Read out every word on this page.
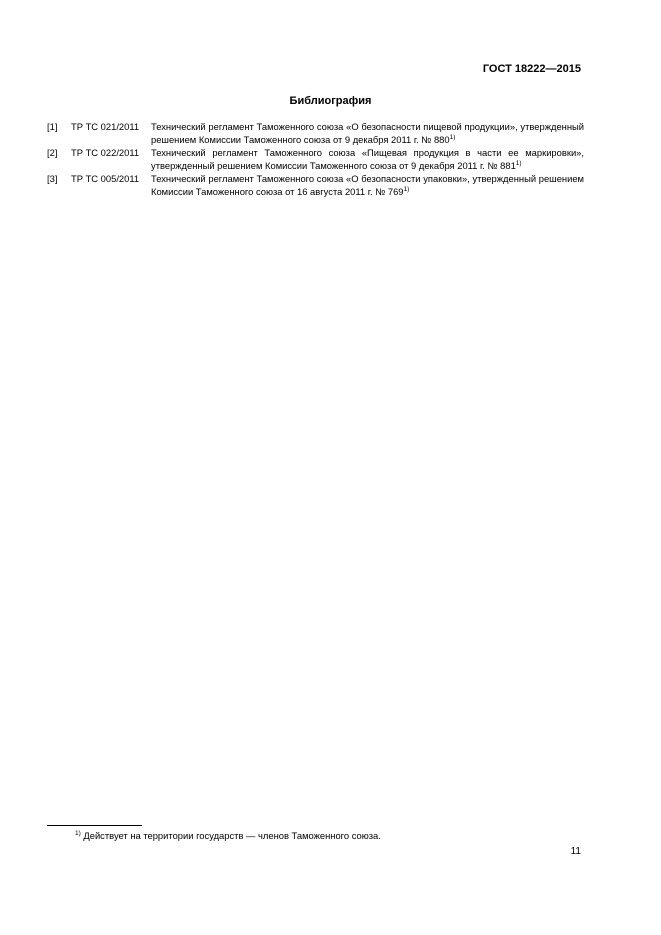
ГОСТ 18222—2015
Библиография
[1]	ТР ТС 021/2011	Технический регламент Таможенного союза «О безопасности пищевой продукции», утвержденный решением Комиссии Таможенного союза от 9 декабря 2011 г. № 880$^{1)}$
[2]	ТР ТС 022/2011	Технический регламент Таможенного союза «Пищевая продукция в части ее маркировки», утвержденный решением Комиссии Таможенного союза от 9 декабря 2011 г. № 881$^{1)}$
[3]	ТР ТС 005/2011	Технический регламент Таможенного союза «О безопасности упаковки», утвержденный решением Комиссии Таможенного союза от 16 августа 2011 г. № 769$^{1)}$
$^{1)}$ Действует на территории государств — членов Таможенного союза.
11
